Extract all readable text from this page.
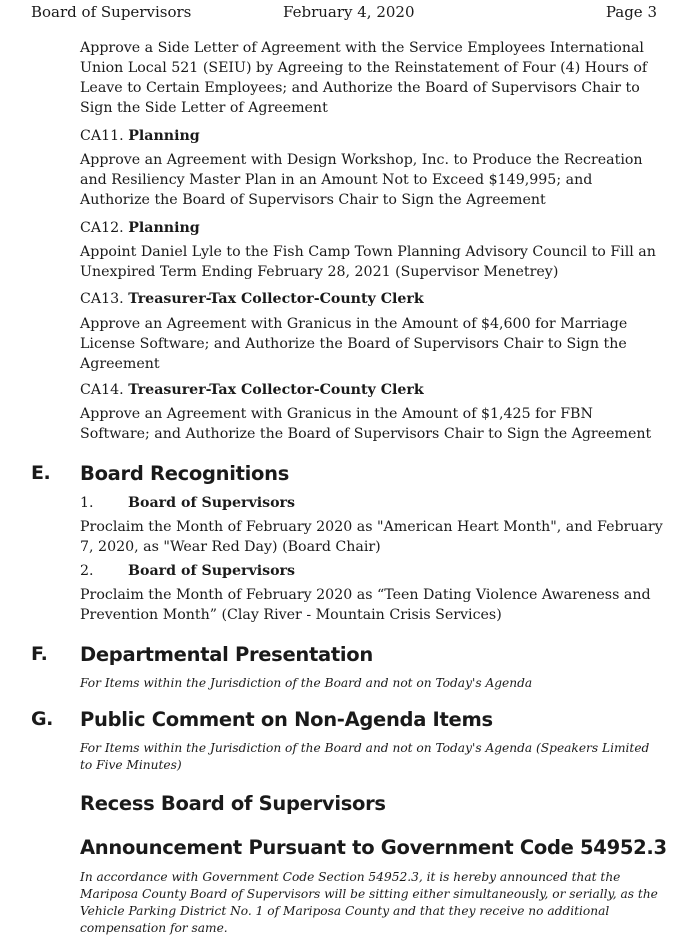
Board of Supervisors	February 4, 2020	Page 3
Approve a Side Letter of Agreement with the Service Employees International Union Local 521 (SEIU) by Agreeing to the Reinstatement of Four (4) Hours of Leave to Certain Employees; and Authorize the Board of Supervisors Chair to Sign the Side Letter of Agreement
CA11. Planning
Approve an Agreement with Design Workshop, Inc. to Produce the Recreation and Resiliency Master Plan in an Amount Not to Exceed $149,995; and Authorize the Board of Supervisors Chair to Sign the Agreement
CA12. Planning
Appoint Daniel Lyle to the Fish Camp Town Planning Advisory Council to Fill an Unexpired Term Ending February 28, 2021 (Supervisor Menetrey)
CA13. Treasurer-Tax Collector-County Clerk
Approve an Agreement with Granicus in the Amount of $4,600 for Marriage License Software; and Authorize the Board of Supervisors Chair to Sign the Agreement
CA14. Treasurer-Tax Collector-County Clerk
Approve an Agreement with Granicus in the Amount of $1,425 for FBN Software; and Authorize the Board of Supervisors Chair to Sign the Agreement
E. Board Recognitions
1. Board of Supervisors
Proclaim the Month of February 2020 as "American Heart Month", and February 7, 2020, as "Wear Red Day) (Board Chair)
2. Board of Supervisors
Proclaim the Month of February 2020 as “Teen Dating Violence Awareness and Prevention Month” (Clay River - Mountain Crisis Services)
F. Departmental Presentation
For Items within the Jurisdiction of the Board and not on Today's Agenda
G. Public Comment on Non-Agenda Items
For Items within the Jurisdiction of the Board and not on Today's Agenda (Speakers Limited to Five Minutes)
Recess Board of Supervisors
Announcement Pursuant to Government Code 54952.3
In accordance with Government Code Section 54952.3, it is hereby announced that the Mariposa County Board of Supervisors will be sitting either simultaneously, or serially, as the Vehicle Parking District No. 1 of Mariposa County and that they receive no additional compensation for same.
